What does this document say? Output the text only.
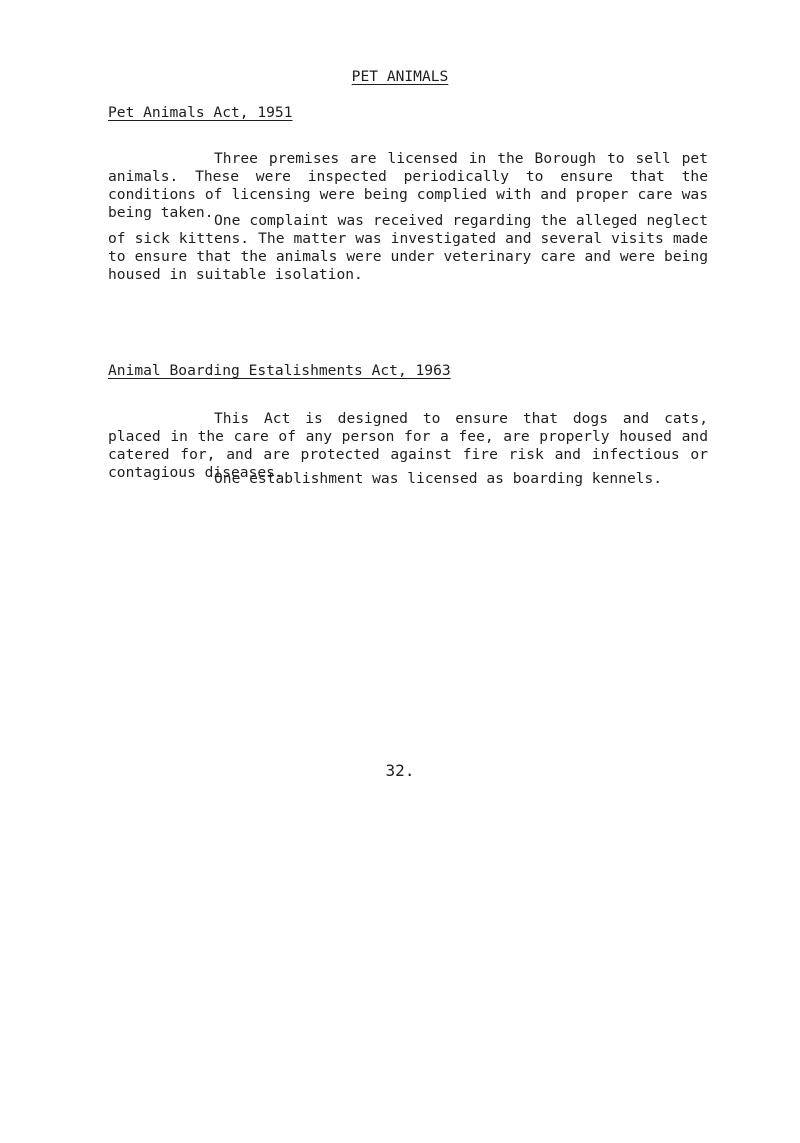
PET ANIMALS
Pet Animals Act, 1951

Three premises are licensed in the Borough to sell pet animals. These were inspected periodically to ensure that the conditions of licensing were being complied with and proper care was being taken. One complaint was received regarding the alleged neglect of sick kittens. The matter was investigated and several visits made to ensure that the animals were under veterinary care and were being housed in suitable isolation.

Animal Boarding Estalishments Act, 1963

This Act is designed to ensure that dogs and cats, placed in the care of any person for a fee, are properly housed and catered for, and are protected against fire risk and infectious or contagious diseases.

One establishment was licensed as boarding kennels.
32.
